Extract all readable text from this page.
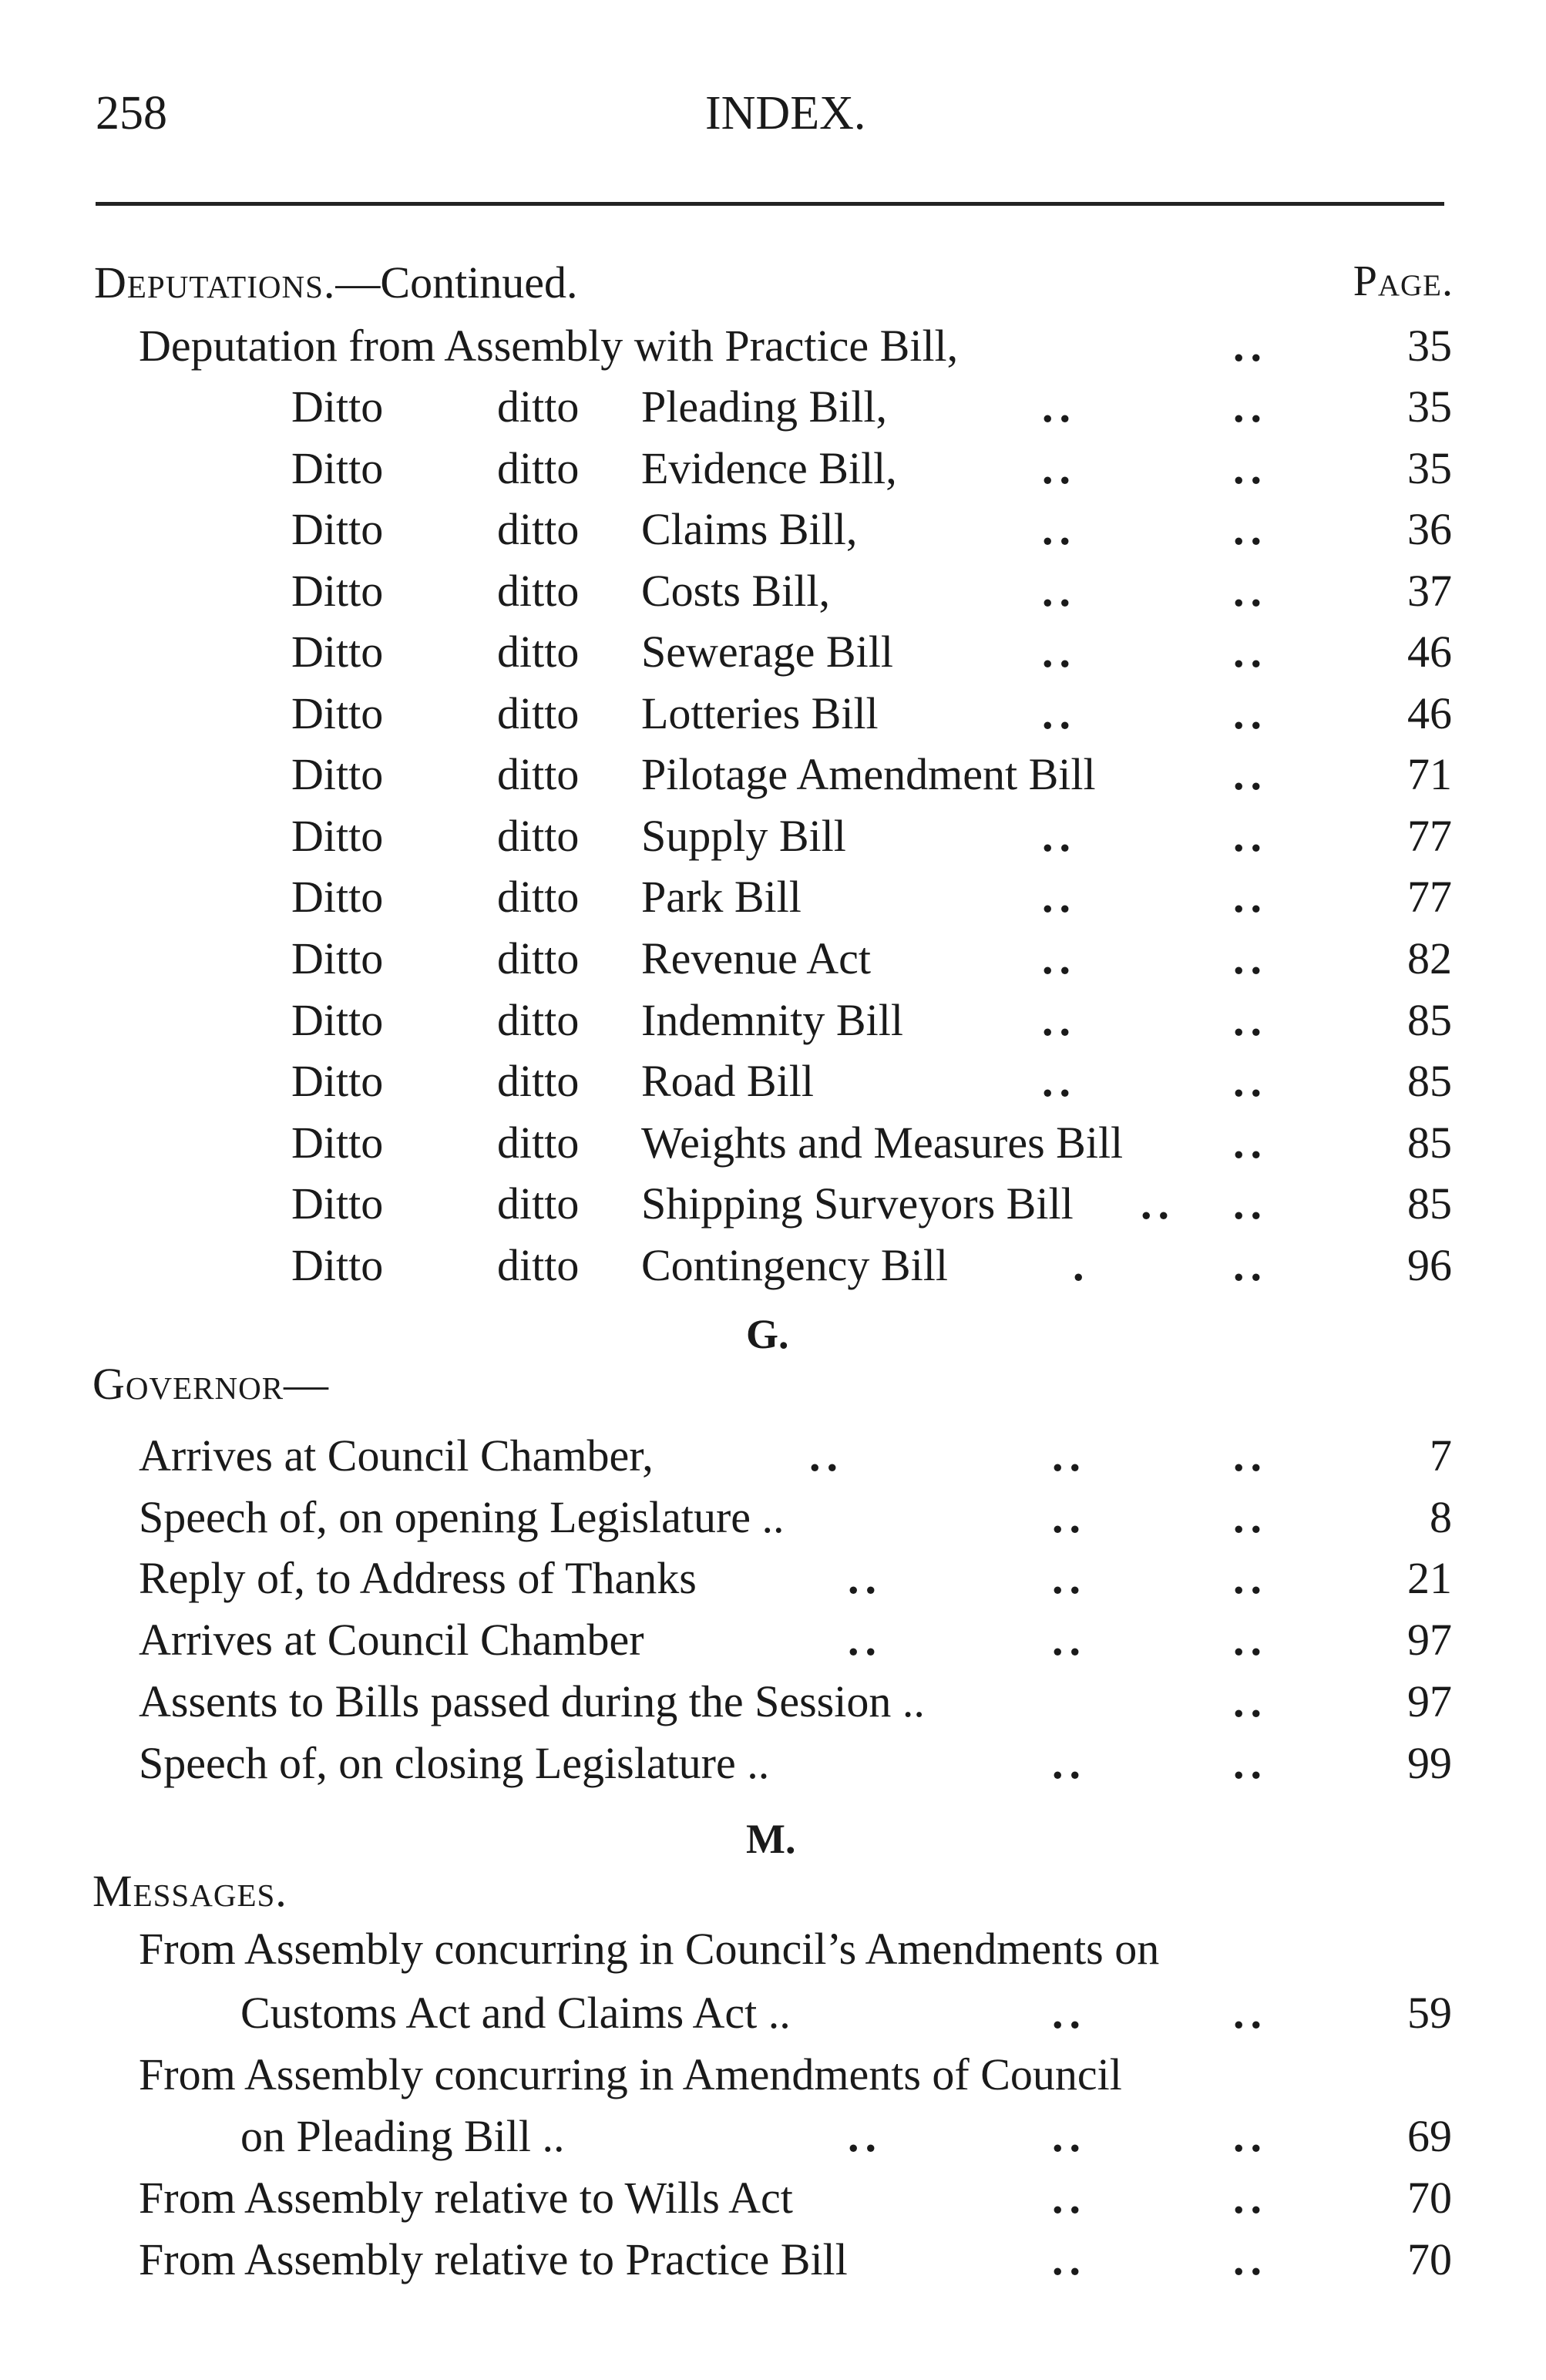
258	INDEX.
Deputations.—Continued.	Page.
Deputation from Assembly with Practice Bill,	..	35
Ditto	ditto Pleading Bill,	..	..	35
Ditto	ditto Evidence Bill,	..	..	35
Ditto	ditto Claims Bill,	..	..	36
Ditto	ditto Costs Bill,	..	..	37
Ditto	ditto Sewerage Bill	..	..	46
Ditto	ditto Lotteries Bill	..	..	46
Ditto	ditto Pilotage Amendment Bill	..	71
Ditto	ditto Supply Bill	..	..	77
Ditto	ditto Park Bill	..	..	77
Ditto	ditto Revenue Act	..	..	82
Ditto	ditto Indemnity Bill	..	..	85
Ditto	ditto Road Bill	..	..	85
Ditto	ditto Weights and Measures Bill ..	85
Ditto	ditto Shipping Surveyors Bill .. ..	85
Ditto	ditto Contingency Bill	.	..	96
G.
Governor—
Arrives at Council Chamber,	..	..	..	7
Speech of, on opening Legislature ..	..	..	8
Reply of, to Address of Thanks	..	..	..	21
Arrives at Council Chamber	..	..	..	97
Assents to Bills passed during the Session ..	..	97
Speech of, on closing Legislature ..	..	..	99
M.
Messages.
From Assembly concurring in Council’s Amendments on
Customs Act and Claims Act ..	..	..	59
From Assembly concurring in Amendments of Council
on Pleading Bill ..	..	..	..	69
From Assembly relative to Wills Act	..	..	70
From Assembly relative to Practice Bill	..	..	70
